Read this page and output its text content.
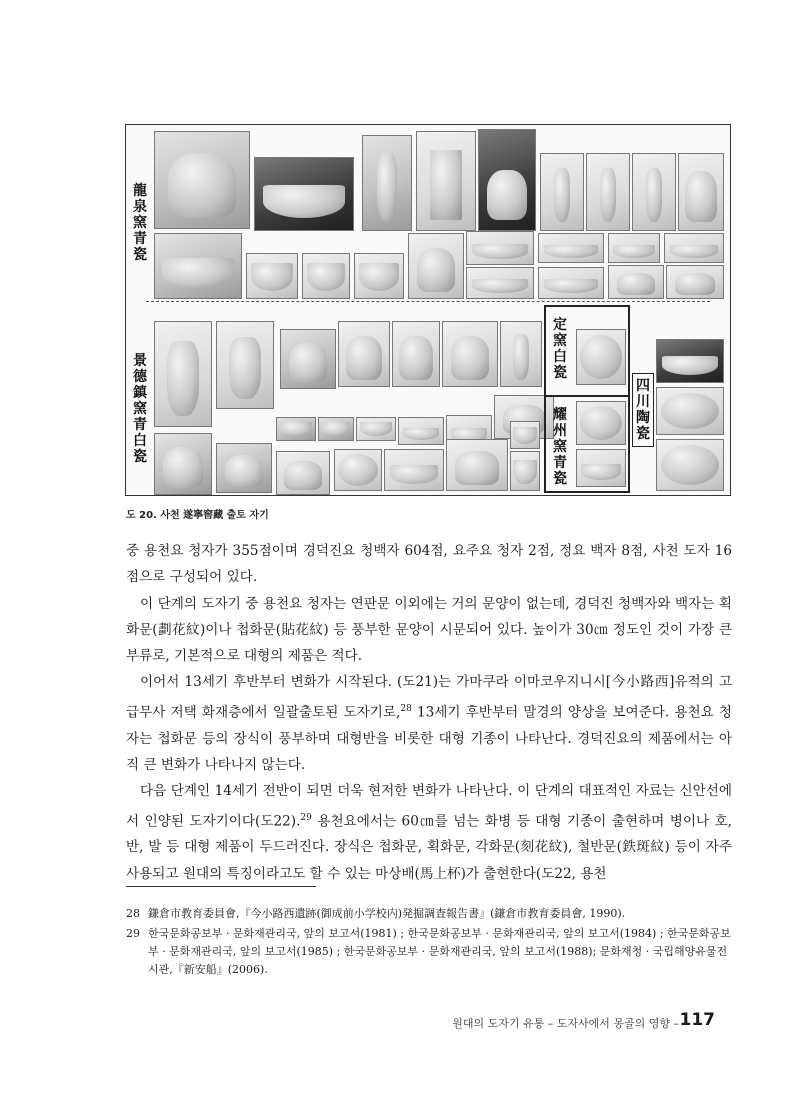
龍泉窯青瓷
景德鎮窯青白瓷
定窯白瓷
耀州窯青瓷
四川陶瓷
도 20. 사천 遂寧窖藏 출토 자기

중 용천요 청자가 355점이며 경덕진요 청백자 604점, 요주요 청자 2점, 정요 백자 8점, 사천 도자 16점으로 구성되어 있다.

이 단계의 도자기 중 용천요 청자는 연판문 이외에는 거의 문양이 없는데, 경덕진 청백자와 백자는 획화문(劃花紋)이나 첩화문(貼花紋) 등 풍부한 문양이 시문되어 있다. 높이가 30㎝ 정도인 것이 가장 큰 부류로, 기본적으로 대형의 제품은 적다.

이어서 13세기 후반부터 변화가 시작된다. (도21)는 가마쿠라 이마코우지니시[今小路西]유적의 고급무사 저택 화재층에서 일괄출토된 도자기로,$^{28}$ 13세기 후반부터 말경의 양상을 보여준다. 용천요 청자는 첩화문 등의 장식이 풍부하며 대형반을 비롯한 대형 기종이 나타난다. 경덕진요의 제품에서는 아직 큰 변화가 나타나지 않는다.

다음 단계인 14세기 전반이 되면 더욱 현저한 변화가 나타난다. 이 단계의 대표적인 자료는 신안선에서 인양된 도자기이다(도22).$^{29}$ 용천요에서는 60㎝를 넘는 화병 등 대형 기종이 출현하며 병이나 호, 반, 발 등 대형 제품이 두드러진다. 장식은 첩화문, 획화문, 각화문(刻花紋), 철반문(鉄斑紋) 등이 자주 사용되고 원대의 특징이라고도 할 수 있는 마상배(馬上杯)가 출현한다(도22, 용천

28 鎌倉市教育委員會,『今小路西遺跡(御成前小学校内)発掘調査報告書』(鎌倉市教育委員會, 1990).
29 한국문화공보부 · 문화재관리국, 앞의 보고서(1981) ; 한국문화공보부 · 문화재관리국, 앞의 보고서(1984) ; 한국문화공보부 · 문화재관리국, 앞의 보고서(1985) ; 한국문화공보부 · 문화재관리국, 앞의 보고서(1988); 문화재청 · 국립해양유물전시관,『新安船』(2006).
원대의 도자기 유통 – 도자사에서 몽골의 영향 – 117
